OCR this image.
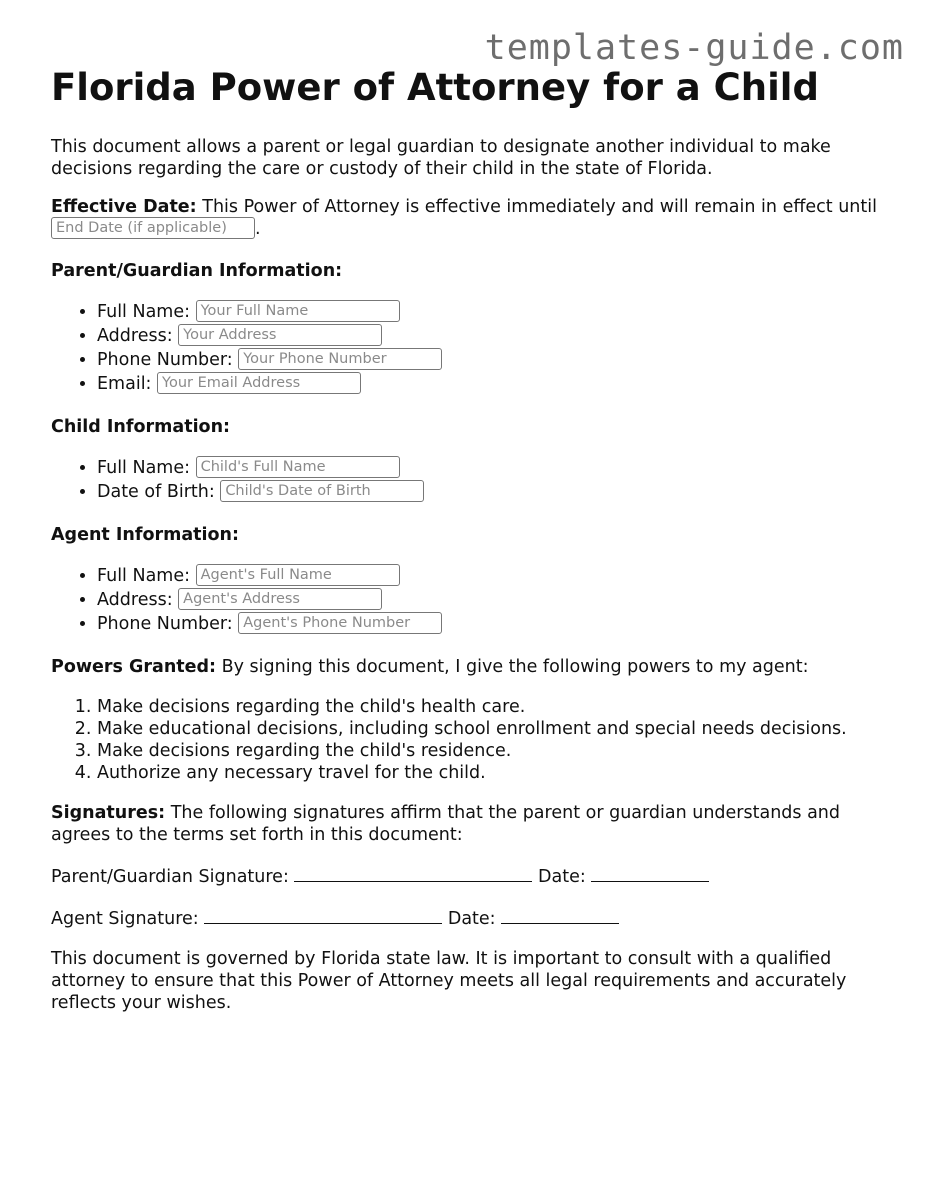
templates-guide.com
Florida Power of Attorney for a Child

This document allows a parent or legal guardian to designate another individual to make decisions regarding the care or custody of their child in the state of Florida.

Effective Date: This Power of Attorney is effective immediately and will remain in effect until End Date (if applicable) .

Parent/Guardian Information:
• Full Name: Your Full Name
• Address: Your Address
• Phone Number: Your Phone Number
• Email: Your Email Address
Child Information:
• Full Name: Child's Full Name
• Date of Birth: Child's Date of Birth
Agent Information:
• Full Name: Agent's Full Name
• Address: Agent's Address
• Phone Number: Agent's Phone Number

Powers Granted: By signing this document, I give the following powers to my agent:

1. Make decisions regarding the child's health care.
2. Make educational decisions, including school enrollment and special needs decisions.
3. Make decisions regarding the child's residence.
4. Authorize any necessary travel for the child.

Signatures: The following signatures affirm that the parent or guardian understands and agrees to the terms set forth in this document:

Parent/Guardian Signature:	Date:
Agent Signature:	Date:

This document is governed by Florida state law. It is important to consult with a qualified attorney to ensure that this Power of Attorney meets all legal requirements and accurately reflects your wishes.
